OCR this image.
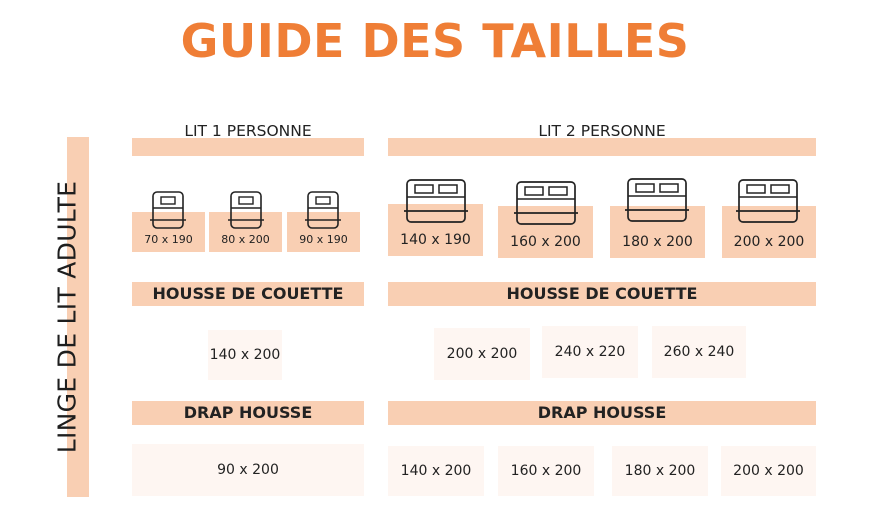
GUIDE DES TAILLES
LINGE DE LIT ADULTE
LIT 1 PERSONNE
70 x 190	80 x 200	90 x 190
HOUSSE DE COUETTE
140 x 200
DRAP HOUSSE
90 x 200
LIT 2 PERSONNE
140 x 190	160 x 200	180 x 200	200 x 200
HOUSSE DE COUETTE
200 x 200	240 x 220	260 x 240
DRAP HOUSSE
140 x 200	160 x 200	180 x 200	200 x 200
